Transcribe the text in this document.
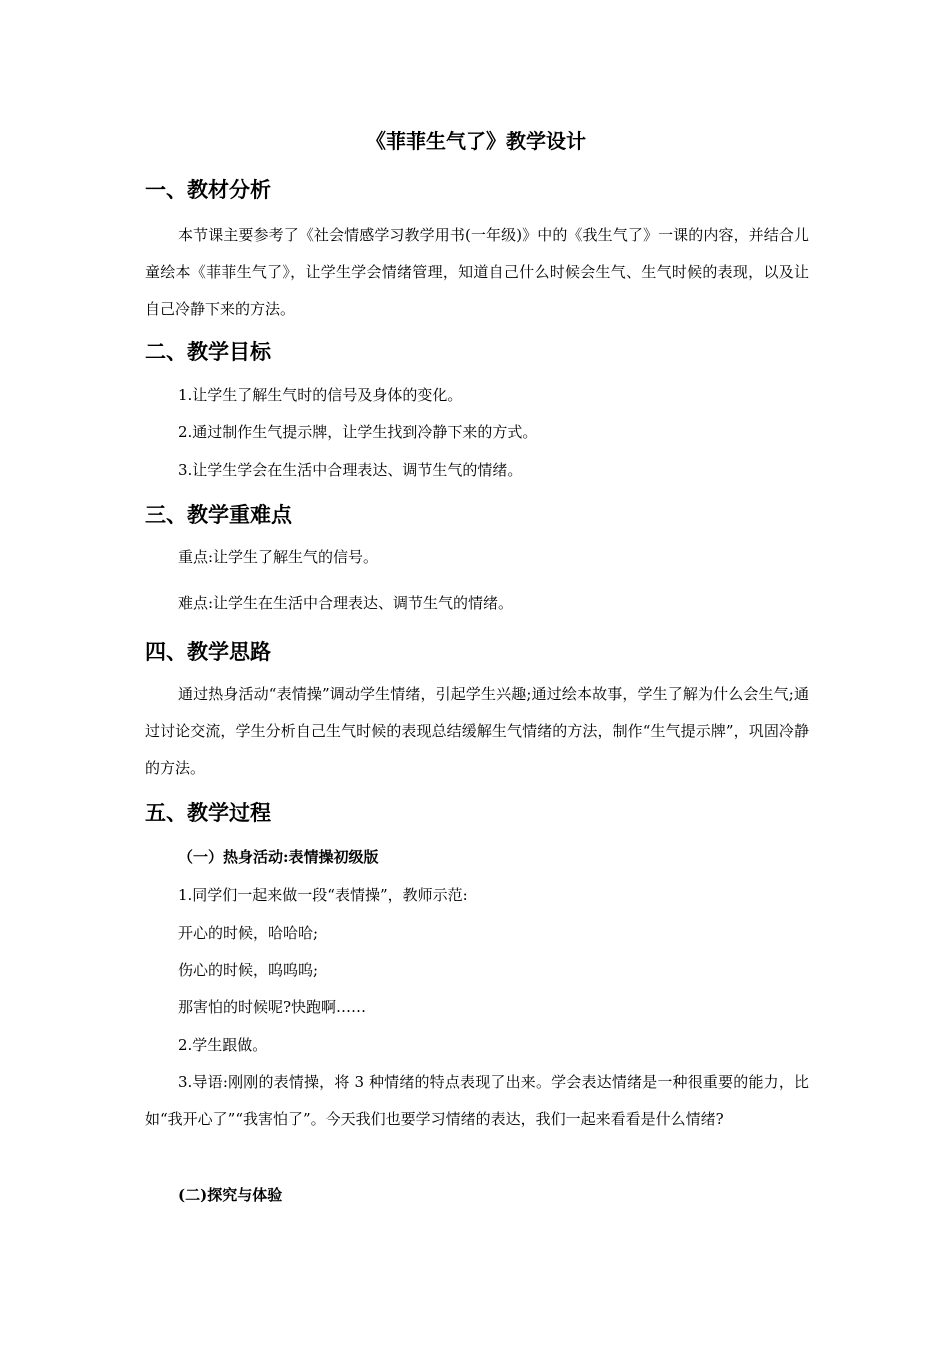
《菲菲生气了》教学设计
一、教材分析

本节课主要参考了《社会情感学习教学用书(一年级)》中的《我生气了》一课的内容，并结合儿童绘本《菲菲生气了》，让学生学会情绪管理，知道自己什么时候会生气、生气时候的表现，以及让自己冷静下来的方法。

二、教学目标
1.让学生了解生气时的信号及身体的变化。
2.通过制作生气提示牌，让学生找到冷静下来的方式。
3.让学生学会在生活中合理表达、调节生气的情绪。
三、教学重难点
重点:让学生了解生气的信号。
难点:让学生在生活中合理表达、调节生气的情绪。
四、教学思路

通过热身活动“表情操”调动学生情绪，引起学生兴趣;通过绘本故事，学生了解为什么会生气;通过讨论交流，学生分析自己生气时候的表现总结缓解生气情绪的方法，制作“生气提示牌”，巩固冷静的方法。

五、教学过程
（一）热身活动:表情操初级版
1.同学们一起来做一段“表情操”，教师示范:
开心的时候，哈哈哈;
伤心的时候，呜呜呜;
那害怕的时候呢?快跑啊……
2.学生跟做。

3.导语:刚刚的表情操，将 3 种情绪的特点表现了出来。学会表达情绪是一种很重要的能力，比如“我开心了”“我害怕了”。今天我们也要学习情绪的表达，我们一起来看看是什么情绪?

(二)探究与体验
